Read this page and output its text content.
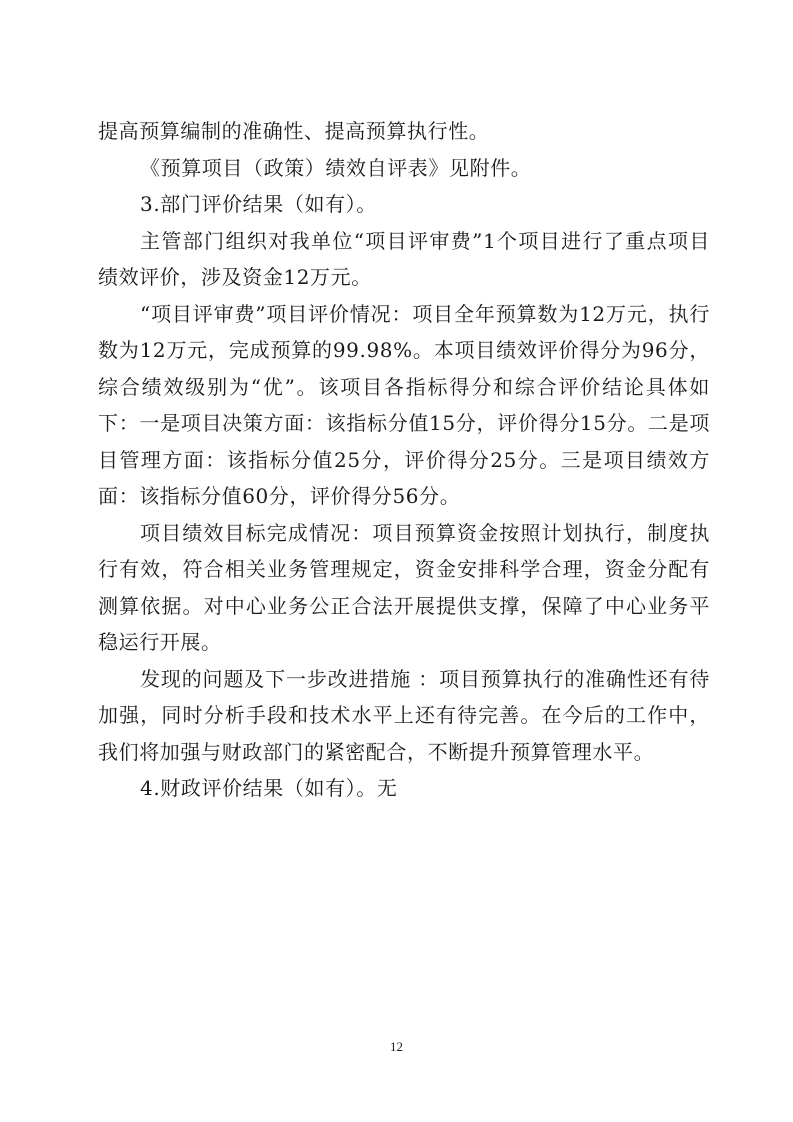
提高预算编制的准确性、提高预算执行性。

《预算项目（政策）绩效自评表》见附件。

3.部门评价结果（如有）。

主管部门组织对我单位“项目评审费”1个项目进行了重点项目绩效评价，涉及资金12万元。

“项目评审费”项目评价情况：项目全年预算数为12万元，执行数为12万元，完成预算的99.98%。本项目绩效评价得分为96分，综合绩效级别为“优”。该项目各指标得分和综合评价结论具体如下：一是项目决策方面：该指标分值15分，评价得分15分。二是项目管理方面：该指标分值25分，评价得分25分。三是项目绩效方面：该指标分值60分，评价得分56分。

项目绩效目标完成情况：项目预算资金按照计划执行，制度执行有效，符合相关业务管理规定，资金安排科学合理，资金分配有测算依据。对中心业务公正合法开展提供支撑，保障了中心业务平稳运行开展。

发现的问题及下一步改进措施 ：项目预算执行的准确性还有待加强，同时分析手段和技术水平上还有待完善。在今后的工作中，我们将加强与财政部门的紧密配合，不断提升预算管理水平。

4.财政评价结果（如有）。无

12
